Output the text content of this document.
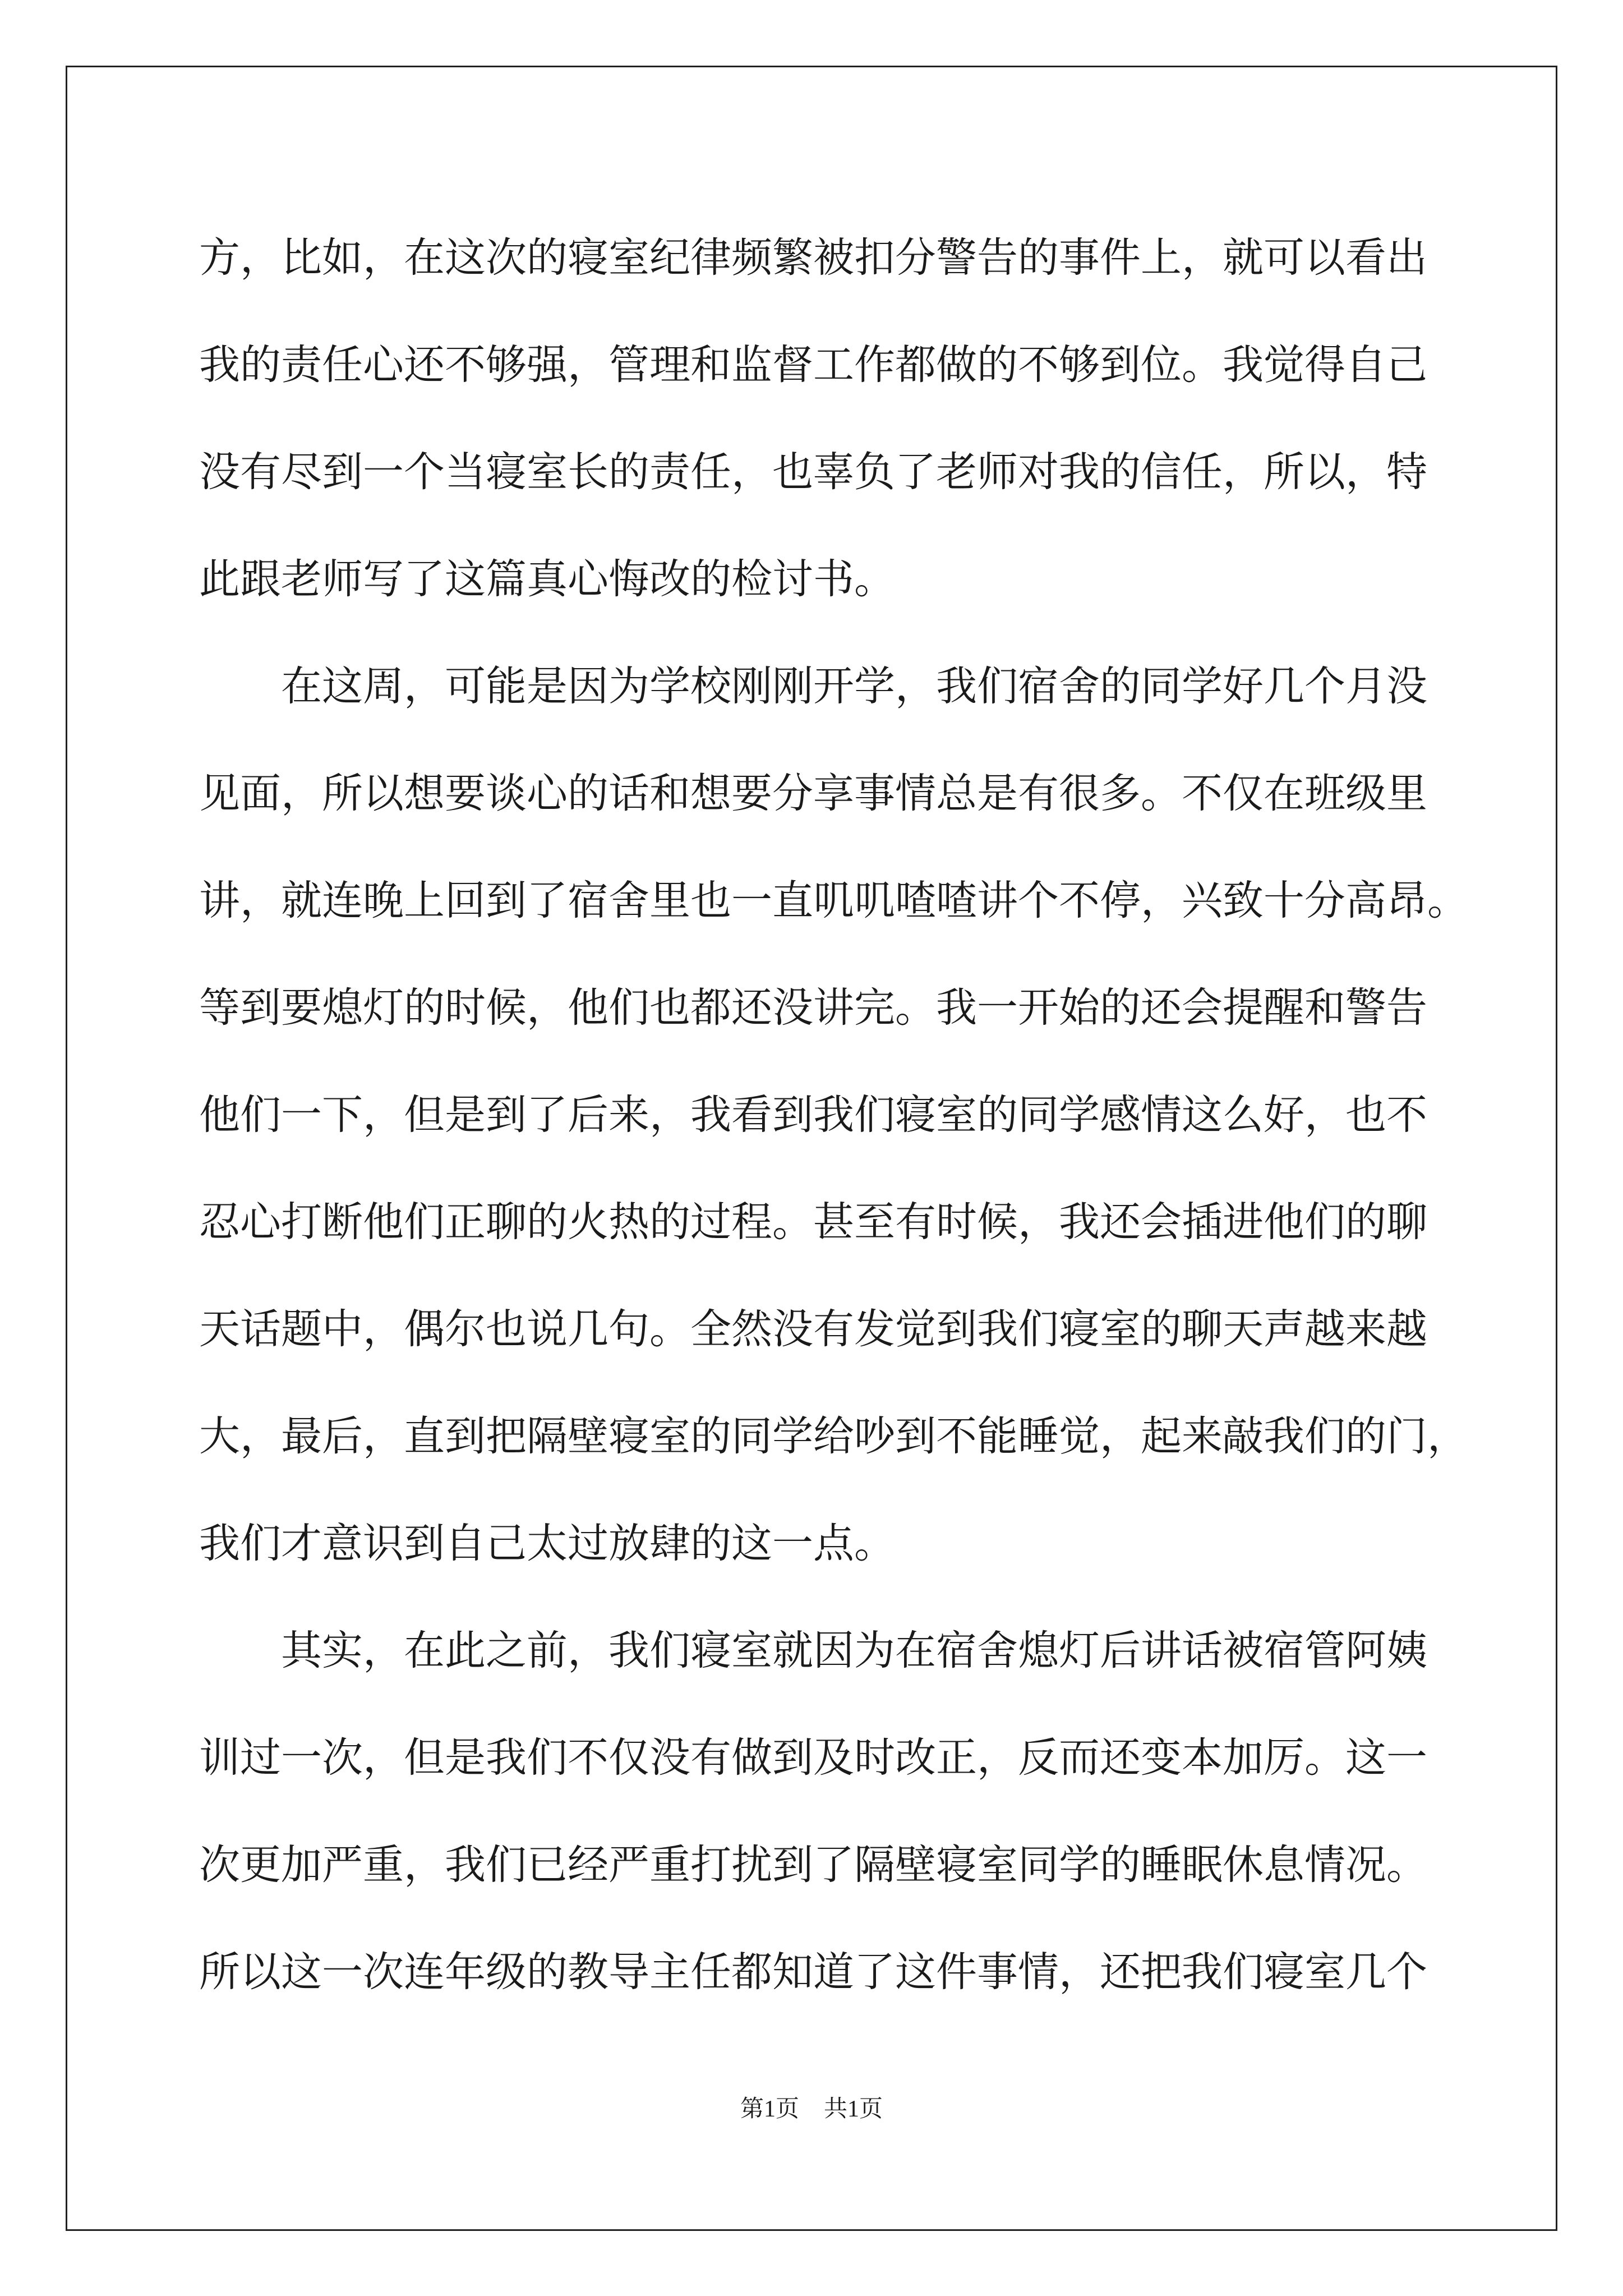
方，比如，在这次的寝室纪律频繁被扣分警告的事件上，就可以看出
我的责任心还不够强，管理和监督工作都做的不够到位。我觉得自己
没有尽到一个当寝室长的责任，也辜负了老师对我的信任，所以，特
此跟老师写了这篇真心悔改的检讨书。
在这周，可能是因为学校刚刚开学，我们宿舍的同学好几个月没
见面，所以想要谈心的话和想要分享事情总是有很多。不仅在班级里
讲，就连晚上回到了宿舍里也一直叽叽喳喳讲个不停，兴致十分高昂。
等到要熄灯的时候，他们也都还没讲完。我一开始的还会提醒和警告
他们一下，但是到了后来，我看到我们寝室的同学感情这么好，也不
忍心打断他们正聊的火热的过程。甚至有时候，我还会插进他们的聊
天话题中，偶尔也说几句。全然没有发觉到我们寝室的聊天声越来越
大，最后，直到把隔壁寝室的同学给吵到不能睡觉，起来敲我们的门，
我们才意识到自己太过放肆的这一点。
其实，在此之前，我们寝室就因为在宿舍熄灯后讲话被宿管阿姨
训过一次，但是我们不仅没有做到及时改正，反而还变本加厉。这一
次更加严重，我们已经严重打扰到了隔壁寝室同学的睡眠休息情况。
所以这一次连年级的教导主任都知道了这件事情，还把我们寝室几个
第1页 共1页
